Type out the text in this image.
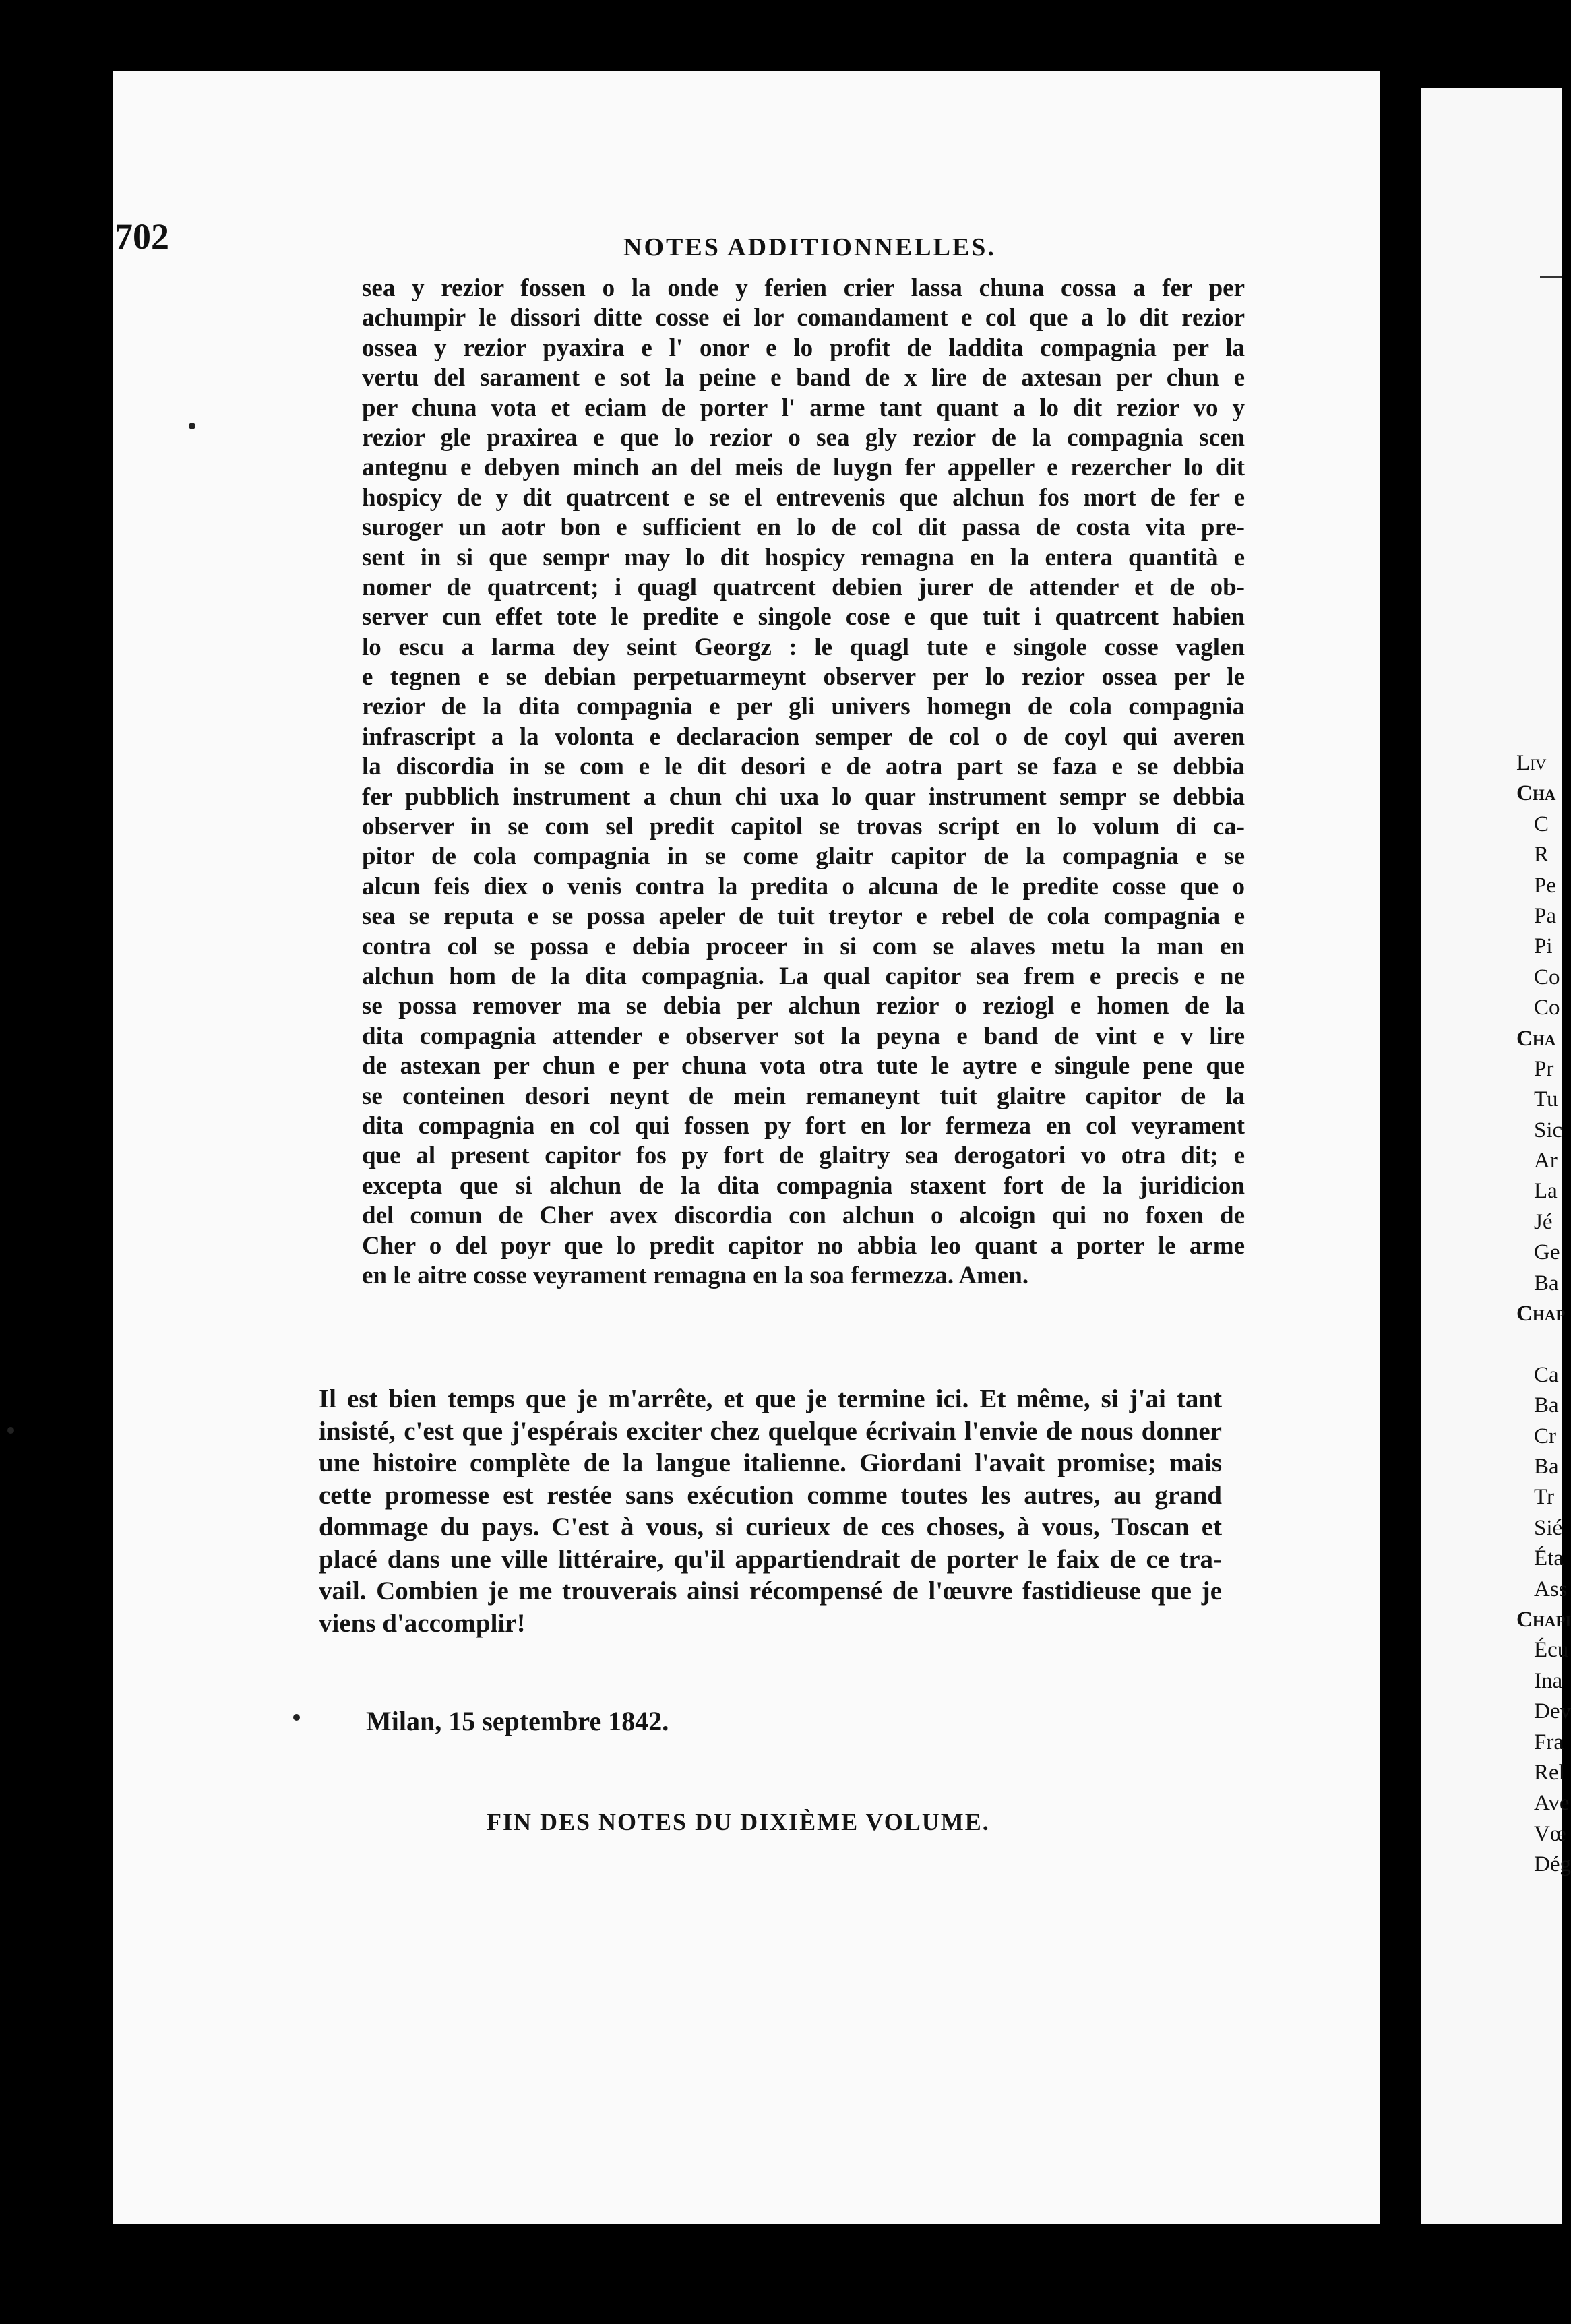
702	NOTES ADDITIONNELLES.
sea y rezior fossen o la onde y ferien crier lassa chuna cossa a fer per
achumpir le dissori ditte cosse ei lor comandament e col que a lo dit rezior
ossea y rezior pyaxira e l' onor e lo profit de laddita compagnia per la
vertu del sarament e sot la peine e band de x lire de axtesan per chun e
per chuna vota et eciam de porter l' arme tant quant a lo dit rezior vo y
rezior gle praxirea e que lo rezior o sea gly rezior de la compagnia scen
antegnu e debyen minch an del meis de luygn fer appeller e rezercher lo dit
hospicy de y dit quatrcent e se el entrevenis que alchun fos mort de fer e
suroger un aotr bon e sufficient en lo de col dit passa de costa vita pre-
sent in si que sempr may lo dit hospicy remagna en la entera quantità e
nomer de quatrcent; i quagl quatrcent debien jurer de attender et de ob-
server cun effet tote le predite e singole cose e que tuit i quatrcent habien
lo escu a larma dey seint Georgz : le quagl tute e singole cosse vaglen
e tegnen e se debian perpetuarmeynt observer per lo rezior ossea per le
rezior de la dita compagnia e per gli univers homegn de cola compagnia
infrascript a la volonta e declaracion semper de col o de coyl qui averen
la discordia in se com e le dit desori e de aotra part se faza e se debbia
fer pubblich instrument a chun chi uxa lo quar instrument sempr se debbia
observer in se com sel predit capitol se trovas script en lo volum di ca-
pitor de cola compagnia in se come glaitr capitor de la compagnia e se
alcun feis diex o venis contra la predita o alcuna de le predite cosse que o
sea se reputa e se possa apeler de tuit treytor e rebel de cola compagnia e
contra col se possa e debia proceer in si com se alaves metu la man en
alchun hom de la dita compagnia. La qual capitor sea frem e precis e ne
se possa remover ma se debia per alchun rezior o reziogl e homen de la
dita compagnia attender e observer sot la peyna e band de vint e v lire
de astexan per chun e per chuna vota otra tute le aytre e singule pene que
se conteinen desori neynt de mein remaneynt tuit glaitre capitor de la
dita compagnia en col qui fossen py fort en lor fermeza en col veyrament
que al present capitor fos py fort de glaitry sea derogatori vo otra dit; e
excepta que si alchun de la dita compagnia staxent fort de la juridicion
del comun de Cher avex discordia con alchun o alcoign qui no foxen de
Cher o del poyr que lo predit capitor no abbia leo quant a porter le arme
en le aitre cosse veyrament remagna en la soa fermezza. Amen.
Il est bien temps que je m'arrête, et que je termine ici. Et même, si j'ai tant
insisté, c'est que j'espérais exciter chez quelque écrivain l'envie de nous donner
une histoire complète de la langue italienne. Giordani l'avait promise; mais
cette promesse est restée sans exécution comme toutes les autres, au grand
dommage du pays. C'est à vous, si curieux de ces choses, à vous, Toscan et
placé dans une ville littéraire, qu'il appartiendrait de porter le faix de ce tra-
vail. Combien je me trouverais ainsi récompensé de l'œuvre fastidieuse que je
viens d'accomplir!
Milan, 15 septembre 1842.
FIN DES NOTES DU DIXIÈME VOLUME.
Liv
Cha
C
R
Pe
Pa
Pi
Co
Co
Cha
Pr
Tu
Sic
Ar
La
Jé
Ge
Ba
Chap
Ca
Ba
Cr
Ba
Tr
Sié
Éta
Ass
Chapi
Écu
Ina
Dev
Fra
Rel
Ave
Vœ
Dég
